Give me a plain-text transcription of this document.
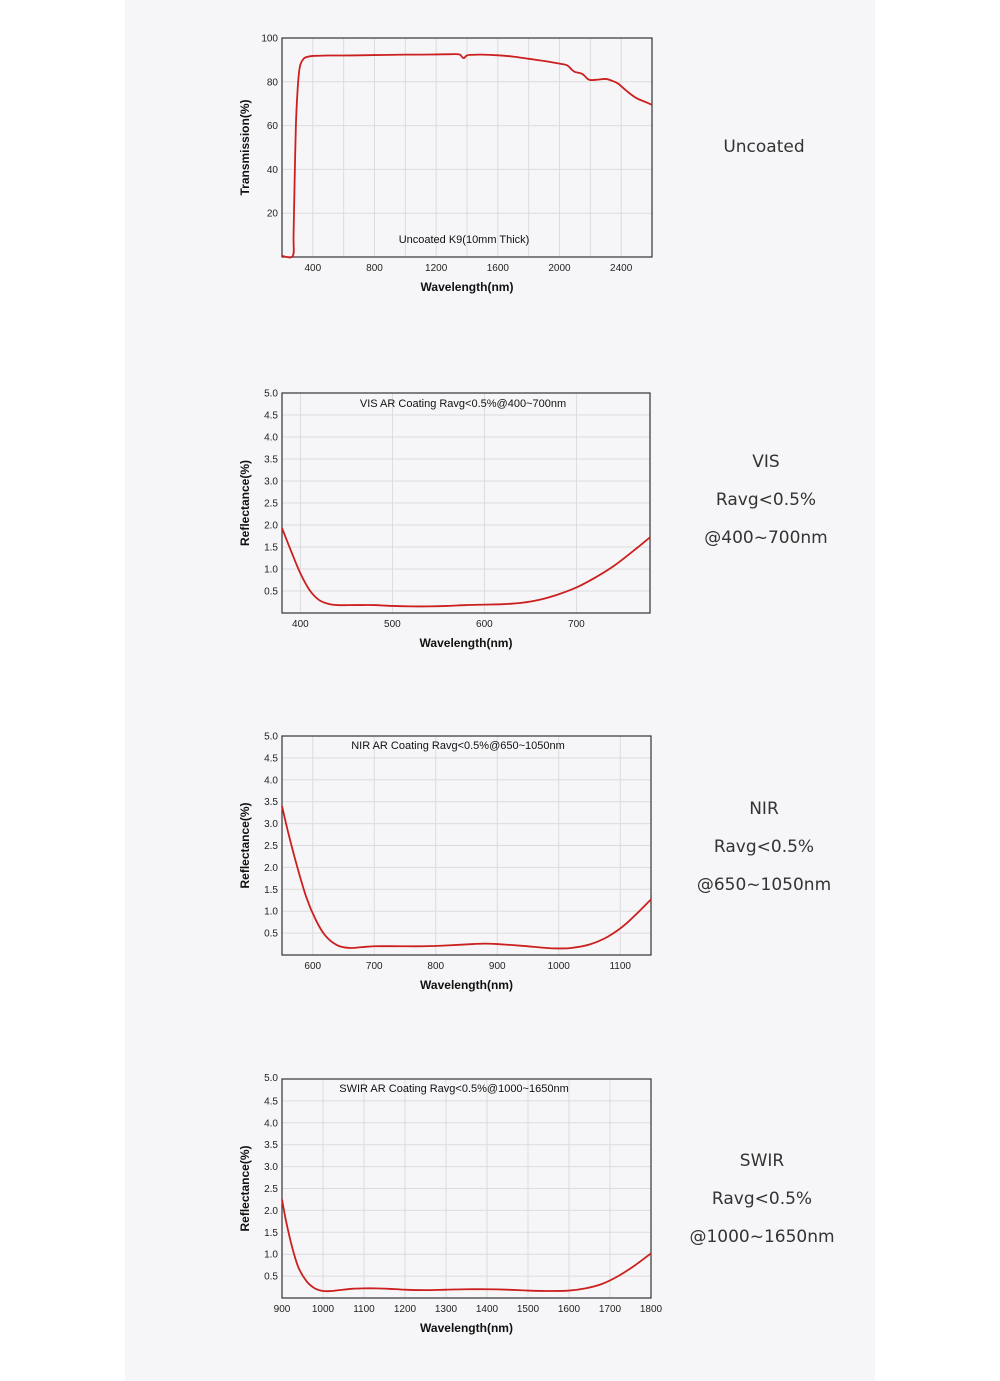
400	800	1200	1600	2000	2400
20
40
60
80
100
Uncoated K9(10mm Thick)
Wavelength(nm)
Transmission(%)	Uncoated
400	500	600	700
0.5
1.0
1.5
2.0
2.5
3.0
3.5
4.0
4.5
5.0
VIS AR Coating Ravg<0.5%@400~700nm
Wavelength(nm)
Reflectance(%)	VIS
Ravg<0.5%
@400~700nm
600	700	800	900	1000	1100
0.5
1.0
1.5
2.0
2.5
3.0
3.5
4.0
4.5
5.0
NIR AR Coating Ravg<0.5%@650~1050nm
Wavelength(nm)
Reflectance(%)	NIR
Ravg<0.5%
@650~1050nm
900 1000 1100 1200 1300 1400 1500 1600 1700 1800
0.5
1.0
1.5
2.0
2.5
3.0
3.5
4.0
4.5
5.0
SWIR AR Coating Ravg<0.5%@1000~1650nm
Wavelength(nm)
Reflectance(%)	SWIR
Ravg<0.5%
@1000~1650nm
